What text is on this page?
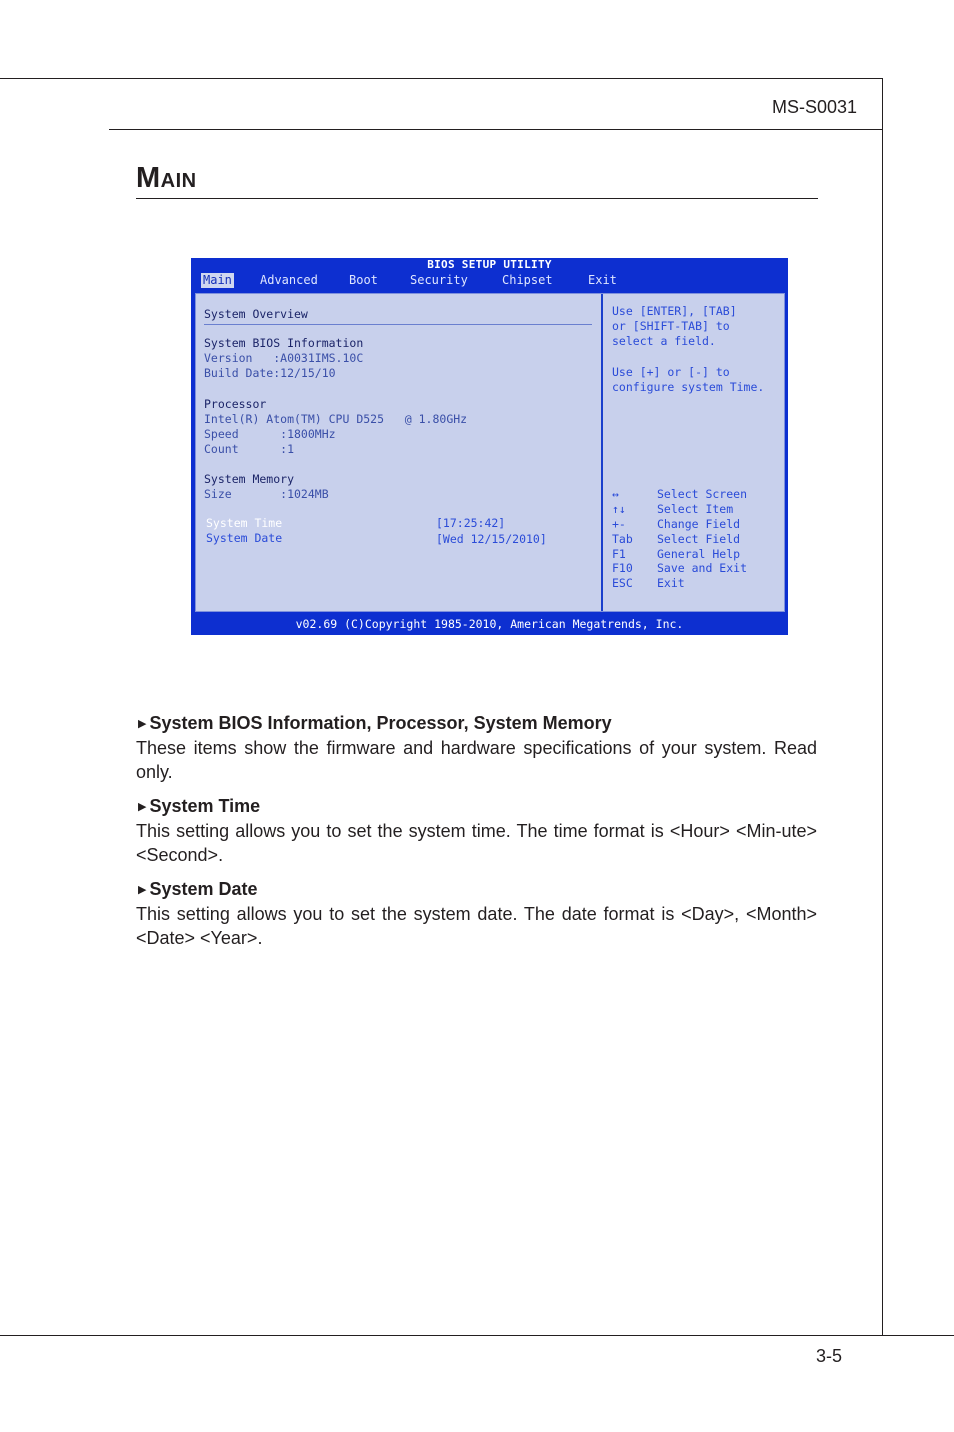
MS-S0031
Main
BIOS SETUP UTILITY
Main Advanced	Boot	Security	Chipset	Exit
System Overview
System BIOS Information
Version   :A0031IMS.10C
Build Date:12/15/10
Processor
Intel(R) Atom(TM) CPU D525   @ 1.80GHz
Speed      :1800MHz
Count      :1
System Memory
Size       :1024MB
System Time	[17:25:42]
System Date	[Wed 12/15/2010]
Use [ENTER], [TAB]
or [SHIFT-TAB] to
select a field.
Use [+] or [-] to
configure system Time.
↔	Select Screen
↑↓	Select Item
+-	Change Field
Tab Select Field
F1	General Help
F10 Save and Exit
ESC Exit
v02.69 (C)Copyright 1985-2010, American Megatrends, Inc.
▶ System BIOS Information, Processor, System Memory

These items show the firmware and hardware specifications of your system. Read only.

▶ System Time

This setting allows you to set the system time. The time format is <Hour> <Min-ute> <Second>.

▶ System Date

This setting allows you to set the system date. The date format is <Day>, <Month> <Date> <Year>.

3-5
